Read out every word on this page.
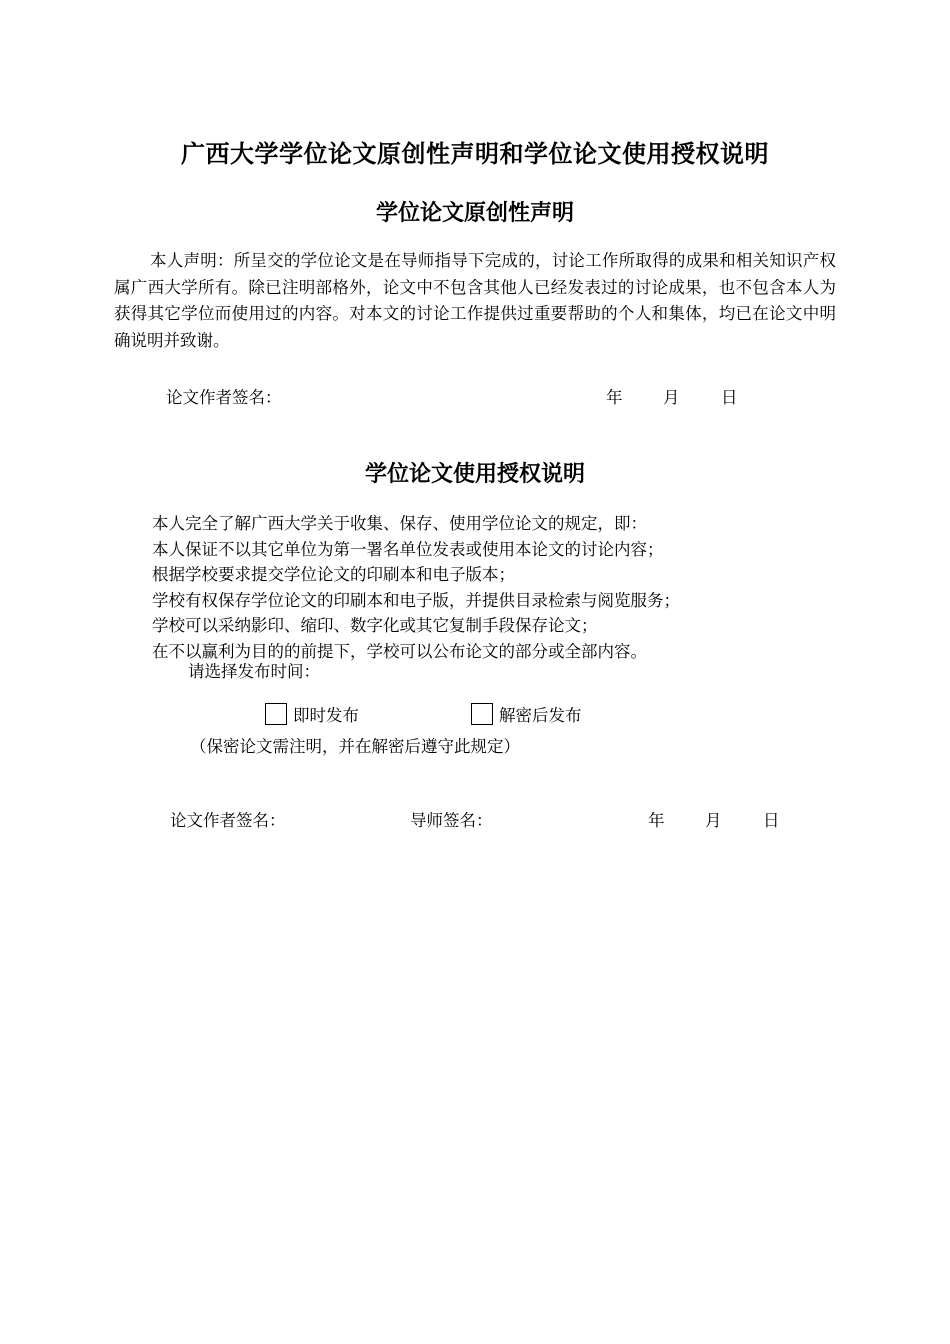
广西大学学位论文原创性声明和学位论文使用授权说明
学位论文原创性声明
本人声明：所呈交的学位论文是在导师指导下完成的，讨论工作所取得的成果和相关知识产权属广西大学所有。除已注明部格外，论文中不包含其他人已经发表过的讨论成果，也不包含本人为获得其它学位而使用过的内容。对本文的讨论工作提供过重要帮助的个人和集体，均已在论文中明确说明并致谢。
论文作者签名：	年 月	日
学位论文使用授权说明
本人完全了解广西大学关于收集、保存、使用学位论文的规定，即：
本人保证不以其它单位为第一署名单位发表或使用本论文的讨论内容；
根据学校要求提交学位论文的印刷本和电子版本；
学校有权保存学位论文的印刷本和电子版，并提供目录检索与阅览服务；
学校可以采纳影印、缩印、数字化或其它复制手段保存论文；
在不以赢利为目的的前提下，学校可以公布论文的部分或全部内容。
请选择发布时间：
即时发布	解密后发布
（保密论文需注明，并在解密后遵守此规定）
论文作者签名：	导师签名：	年 月	日
